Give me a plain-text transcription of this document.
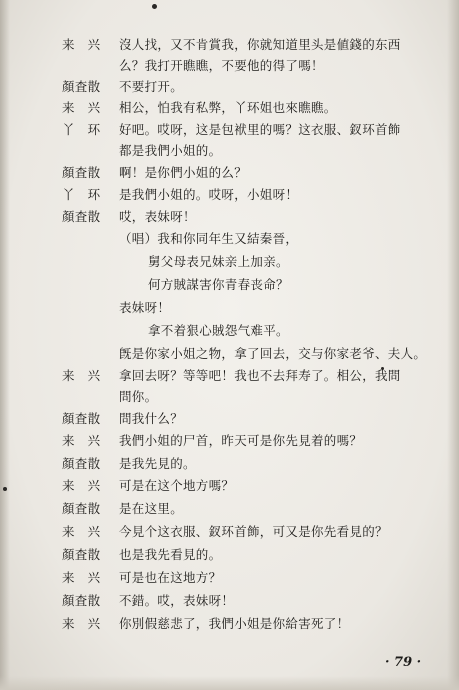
来　兴 沒人找，又不肯賞我，你就知道里头是値錢的东西
么？我打开瞧瞧，不要他的得了嗎！
顏査散 不要打开。
来　兴 相公，怕我有私弊，丫环姐也來瞧瞧。
丫　环 好吧。哎呀，这是包袱里的嗎？这衣服、釵环首飾
都是我們小姐的。
顏査散 啊！是你們小姐的么？
丫　环 是我們小姐的。哎呀，小姐呀！
顏査散 哎，表妹呀！
（唱）我和你同年生又結秦晉，
舅父母表兄妹亲上加亲。
何方賊謀害你青春丧命？
表妹呀！
拿不着狠心賊怨气难平。
旣是你家小姐之物，拿了回去，交与你家老爷、夫人。
来　兴 拿回去呀？等等吧！我也不去拜寿了。相公，我問
問你。
顏査散 問我什么？
来　兴 我們小姐的尸首，昨天可是你先見着的嗎？
顏査散 是我先見的。
来　兴 可是在这个地方嗎？
顏査散 是在这里。
来　兴 今見个这衣服、釵环首飾，可又是你先看見的？
顏査散 也是我先看見的。
来　兴 可是也在这地方？
顏査散 不錯。哎，表妹呀！
来　兴 你別假慈悲了，我們小姐是你給害死了！
· 79 ·
